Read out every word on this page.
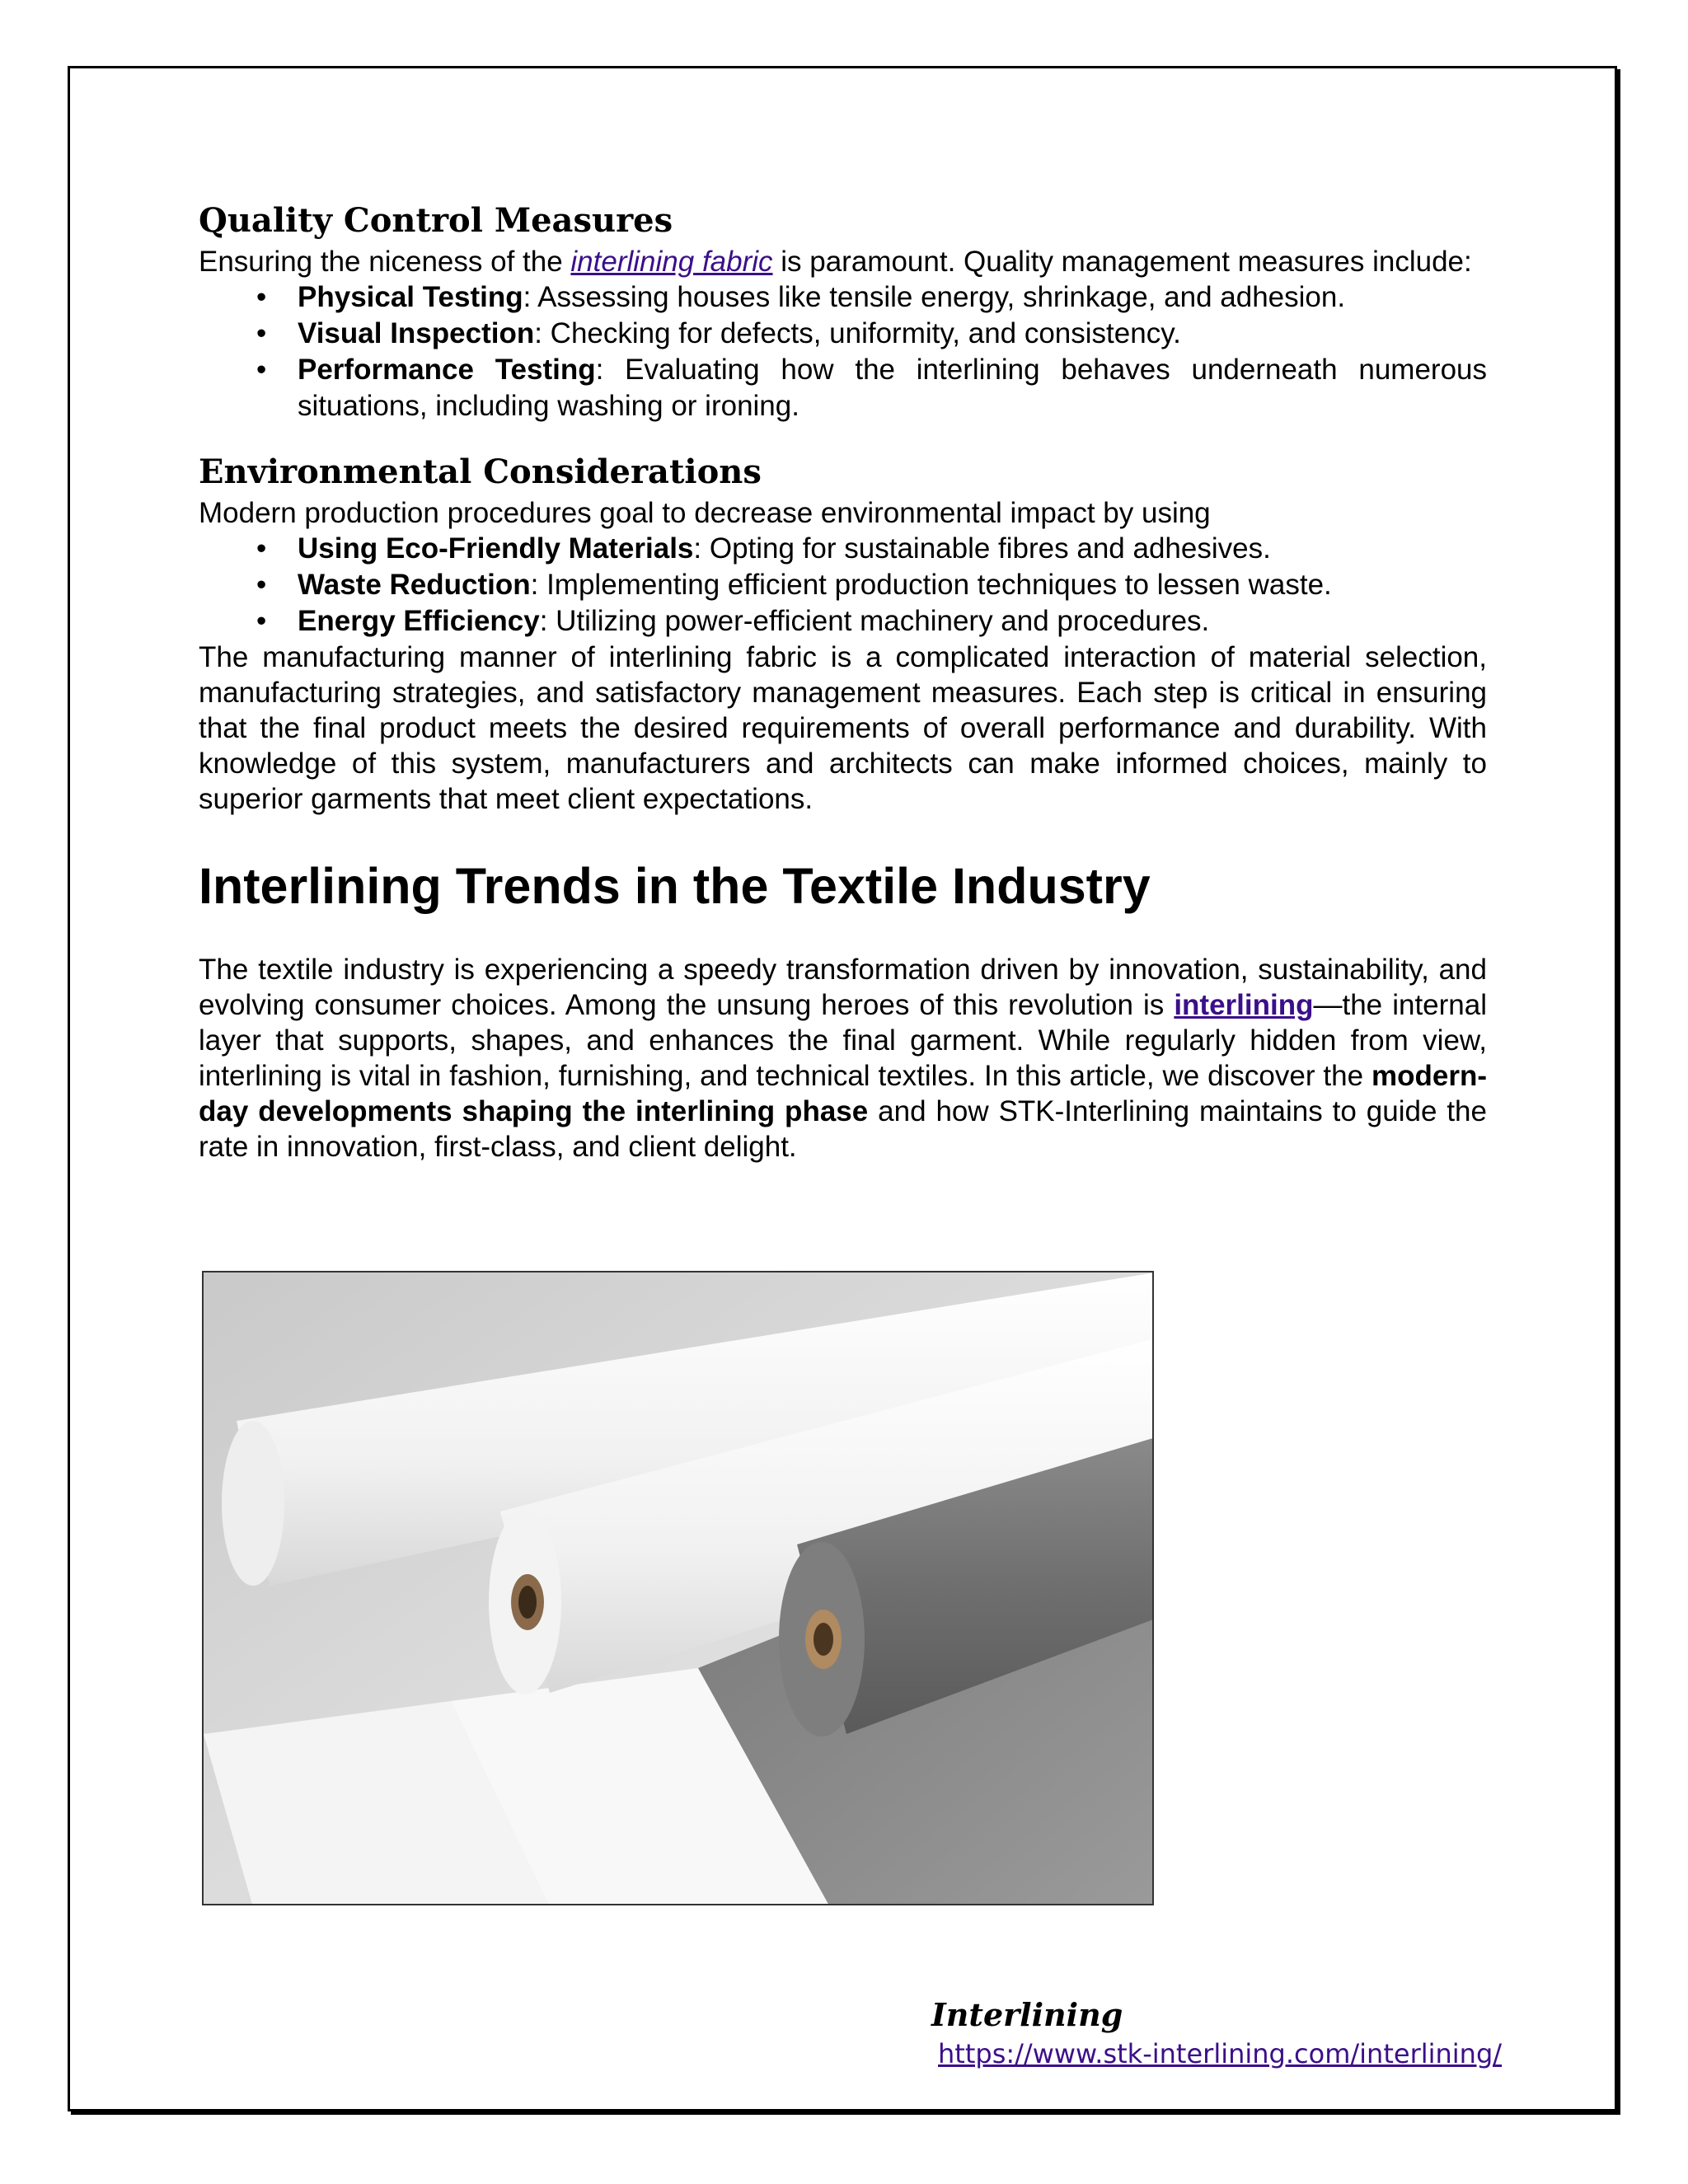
Quality Control Measures

Ensuring the niceness of the interlining fabric is paramount. Quality management measures include:

• Physical Testing: Assessing houses like tensile energy, shrinkage, and adhesion.
• Visual Inspection: Checking for defects, uniformity, and consistency.
• Performance Testing: Evaluating how the interlining behaves underneath numerous situations, including washing or ironing.
Environmental Considerations

Modern production procedures goal to decrease environmental impact by using

• Using Eco-Friendly Materials: Opting for sustainable fibres and adhesives.
• Waste Reduction: Implementing efficient production techniques to lessen waste.
• Energy Efficiency: Utilizing power-efficient machinery and procedures.

The manufacturing manner of interlining fabric is a complicated interaction of material selection, manufacturing strategies, and satisfactory management measures. Each step is critical in ensuring that the final product meets the desired requirements of overall performance and durability. With knowledge of this system, manufacturers and architects can make informed choices, mainly to superior garments that meet client expectations.

Interlining Trends in the Textile Industry

The textile industry is experiencing a speedy transformation driven by innovation, sustainability, and evolving consumer choices. Among the unsung heroes of this revolution is interlining—the internal layer that supports, shapes, and enhances the final garment. While regularly hidden from view, interlining is vital in fashion, furnishing, and technical textiles. In this article, we discover the modern-day developments shaping the interlining phase and how STK-Interlining maintains to guide the rate in innovation, first-class, and client delight.

Interlining
https://www.stk-interlining.com/interlining/
